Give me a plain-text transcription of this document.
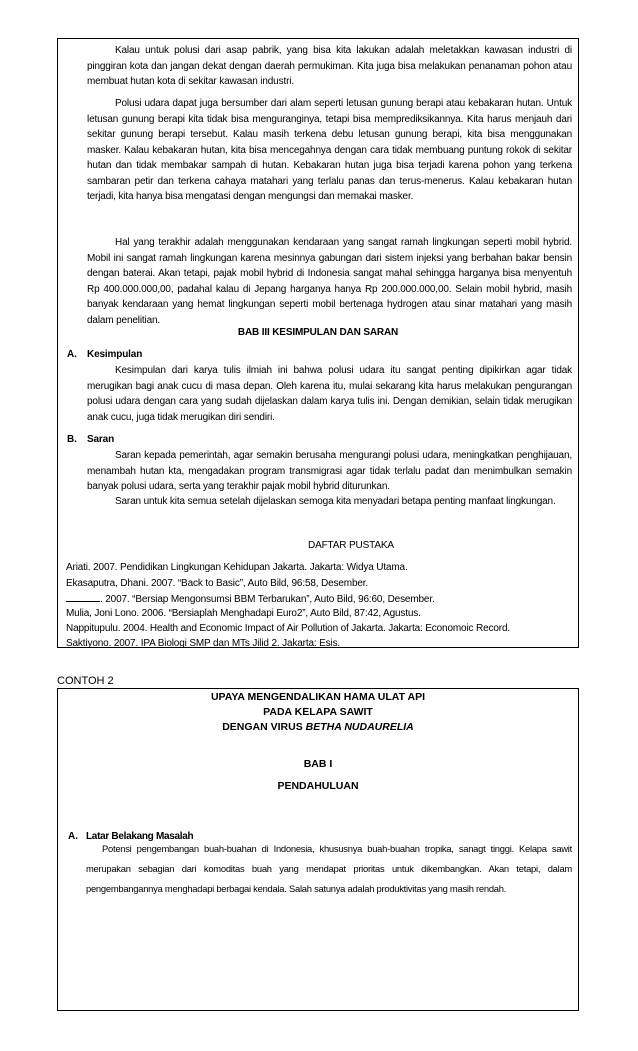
Kalau untuk polusi dari asap pabrik, yang bisa kita lakukan adalah meletakkan kawasan industri di pinggiran kota dan jangan dekat dengan daerah permukiman. Kita juga bisa melakukan penanaman pohon atau membuat hutan kota di sekitar kawasan industri.

Polusi udara dapat juga bersumber dari alam seperti letusan gunung berapi atau kebakaran hutan. Untuk letusan gunung berapi kita tidak bisa menguranginya, tetapi bisa memprediksikannya. Kita harus menjauh dari sekitar gunung berapi tersebut. Kalau masih terkena debu letusan gunung berapi, kita bisa menggunakan masker. Kalau kebakaran hutan, kita bisa mencegahnya dengan cara tidak membuang puntung rokok di sekitar hutan dan tidak membakar sampah di hutan. Kebakaran hutan juga bisa terjadi karena pohon yang terkena sambaran petir dan terkena cahaya matahari yang terlalu panas dan terus-menerus. Kalau kebakaran hutan terjadi, kita hanya bisa mengatasi dengan mengungsi dan memakai masker.

Hal yang terakhir adalah menggunakan kendaraan yang sangat ramah lingkungan seperti mobil hybrid. Mobil ini sangat ramah lingkungan karena mesinnya gabungan dari sistem injeksi yang berbahan bakar bensin dengan baterai. Akan tetapi, pajak mobil hybrid di Indonesia sangat mahal sehingga harganya bisa menyentuh Rp 400.000.000,00, padahal kalau di Jepang harganya hanya Rp 200.000.000,00. Selain mobil hybrid, masih banyak kendaraan yang hemat lingkungan seperti mobil bertenaga hydrogen atau sinar matahari yang masih dalam penelitian.

BAB III KESIMPULAN DAN SARAN

A. Kesimpulan

Kesimpulan dari karya tulis ilmiah ini bahwa polusi udara itu sangat penting dipikirkan agar tidak merugikan bagi anak cucu di masa depan. Oleh karena itu, mulai sekarang kita harus melakukan pengurangan polusi udara dengan cara yang sudah dijelaskan dalam karya tulis ini. Dengan demikian, selain tidak merugikan anak cucu, juga tidak merugikan diri sendiri.

B. Saran

Saran kepada pemerintah, agar semakin berusaha mengurangi polusi udara, meningkatkan penghijauan, menambah hutan kta, mengadakan program transmigrasi agar tidak terlalu padat dan menimbulkan semakin banyak polusi udara, serta yang terakhir pajak mobil hybrid diturunkan.

Saran untuk kita semua setelah dijelaskan semoga kita menyadari betapa penting manfaat lingkungan.

DAFTAR PUSTAKA

Ariati. 2007. Pendidikan Lingkungan Kehidupan Jakarta. Jakarta: Widya Utama.

Ekasaputra, Dhani. 2007. “Back to Basic”, Auto Bild, 96:58, Desember.

. 2007. “Bersiap Mengonsumsi BBM Terbarukan”, Auto Bild, 96:60, Desember.

Mulia, Joni Lono. 2006. “Bersiaplah Menghadapi Euro2”, Auto Bild, 87:42, Agustus.

Nappitupulu. 2004. Health and Economic Impact of Air Pollution of Jakarta. Jakarta: Economoic Record.

Saktiyono. 2007. IPA Biologi SMP dan MTs Jilid 2. Jakarta: Esis.

CONTOH 2

UPAYA MENGENDALIKAN HAMA ULAT API

PADA KELAPA SAWIT

DENGAN VIRUS BETHA NUDAURELIA

BAB I

PENDAHULUAN

A. Latar Belakang Masalah

Potensi pengembangan buah-buahan di Indonesia, khususnya buah-buahan tropika, sanagt tinggi. Kelapa sawit merupakan sebagian dari komoditas buah yang mendapat prioritas untuk dikembangkan. Akan tetapi, dalam pengembangannya menghadapi berbagai kendala. Salah satunya adalah produktivitas yang masih rendah.
